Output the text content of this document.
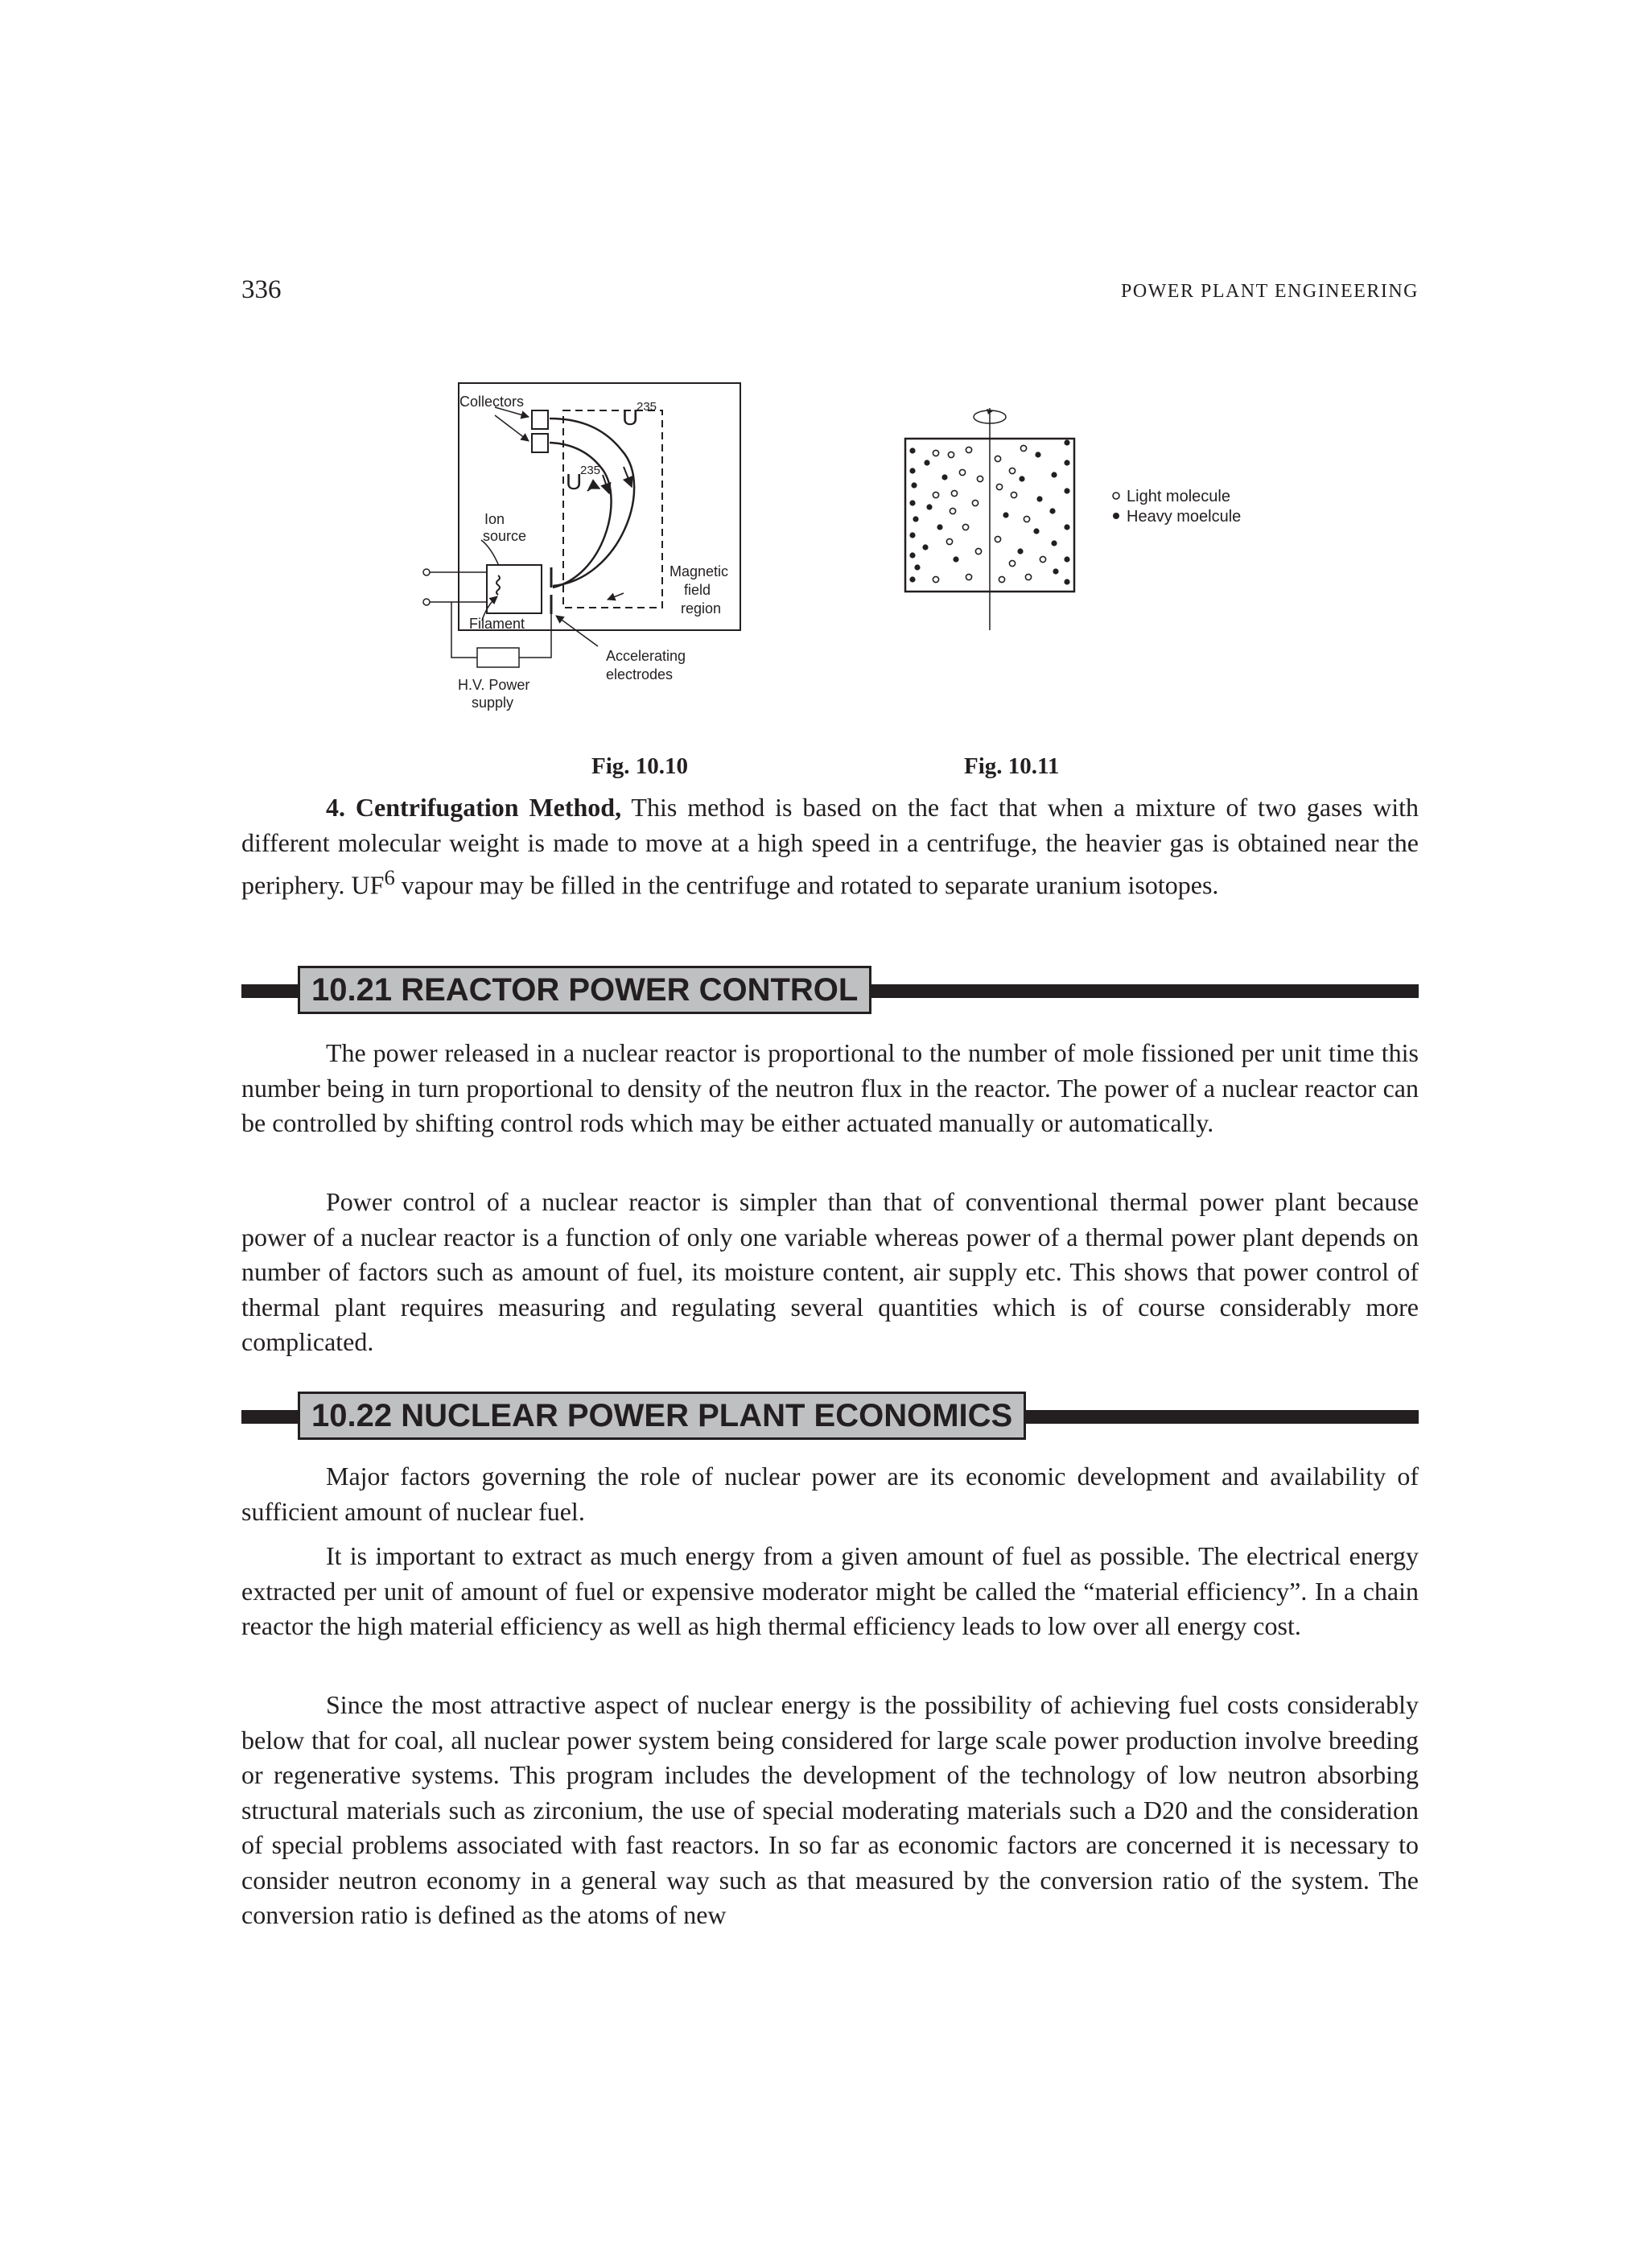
336	POWER PLANT ENGINEERING
Collectors
U
235
U
235
Ion
source
Magnetic
field
region
Filament
Accelerating
electrodes
H.V. Power
supply
Light molecule
Heavy moelcule
Fig. 10.10	Fig. 10.11

4. Centrifugation Method, This method is based on the fact that when a mixture of two gases with different molecular weight is made to move at a high speed in a centrifuge, the heavier gas is obtained near the periphery. $UF^6$ vapour may be filled in the centrifuge and rotated to separate uranium isotopes.

10.21 REACTOR POWER CONTROL

The power released in a nuclear reactor is proportional to the number of mole fissioned per unit time this number being in turn proportional to density of the neutron flux in the reactor. The power of a nuclear reactor can be controlled by shifting control rods which may be either actuated manually or automatically.

Power control of a nuclear reactor is simpler than that of conventional thermal power plant because power of a nuclear reactor is a function of only one variable whereas power of a thermal power plant depends on number of factors such as amount of fuel, its moisture content, air supply etc. This shows that power control of thermal plant requires measuring and regulating several quantities which is of course considerably more complicated.

10.22 NUCLEAR POWER PLANT ECONOMICS

Major factors governing the role of nuclear power are its economic development and availability of sufficient amount of nuclear fuel.

It is important to extract as much energy from a given amount of fuel as possible. The electrical energy extracted per unit of amount of fuel or expensive moderator might be called the “material efficiency”. In a chain reactor the high material efficiency as well as high thermal efficiency leads to low over all energy cost.

Since the most attractive aspect of nuclear energy is the possibility of achieving fuel costs considerably below that for coal, all nuclear power system being considered for large scale power production involve breeding or regenerative systems. This program includes the development of the technology of low neutron absorbing structural materials such as zirconium, the use of special moderating materials such a D20 and the consideration of special problems associated with fast reactors. In so far as economic factors are concerned it is necessary to consider neutron economy in a general way such as that measured by the conversion ratio of the system. The conversion ratio is defined as the atoms of new
